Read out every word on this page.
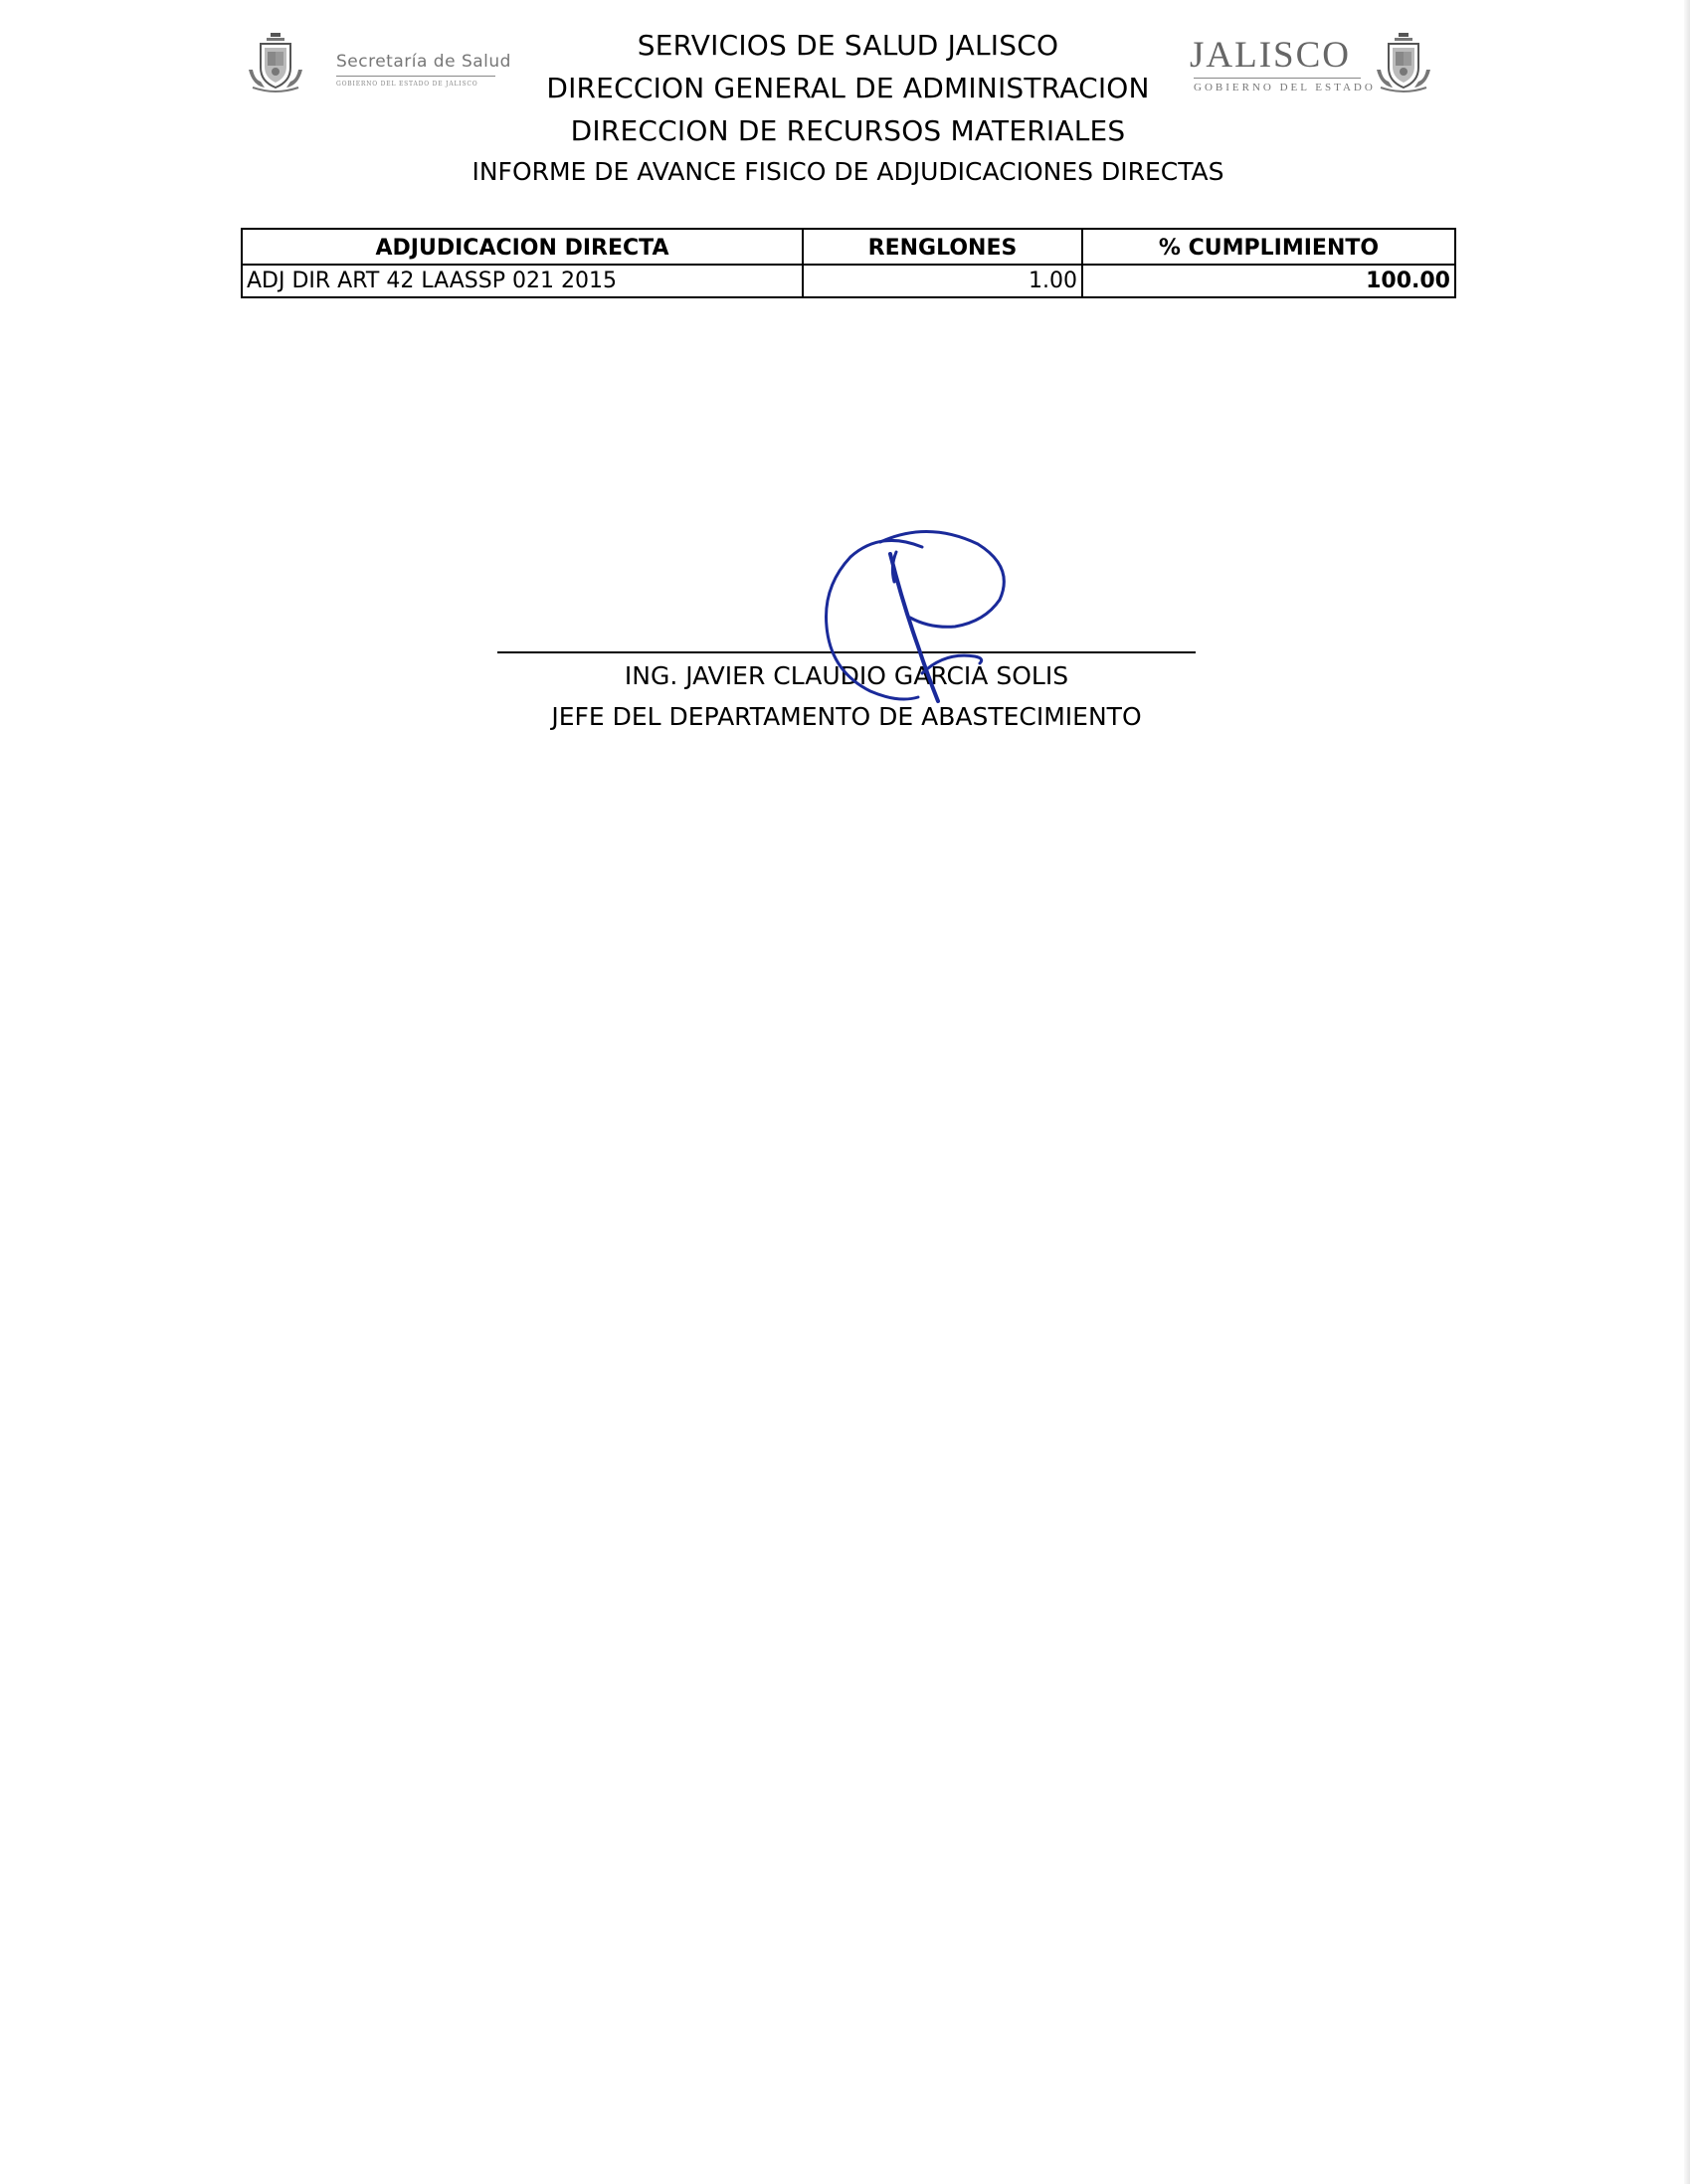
Secretaría de Salud
GOBIERNO DEL ESTADO DE JALISCO
SERVICIOS DE SALUD JALISCO
DIRECCION GENERAL DE ADMINISTRACION
DIRECCION DE RECURSOS MATERIALES
INFORME DE AVANCE FISICO DE ADJUDICACIONES DIRECTAS
JALISCO
GOBIERNO DEL ESTADO
ADJUDICACION DIRECTA	RENGLONES	% CUMPLIMIENTO
ADJ DIR ART 42 LAASSP 021 2015	1.00	100.00
ING. JAVIER CLAUDIO GARCIA SOLIS
JEFE DEL DEPARTAMENTO DE ABASTECIMIENTO
